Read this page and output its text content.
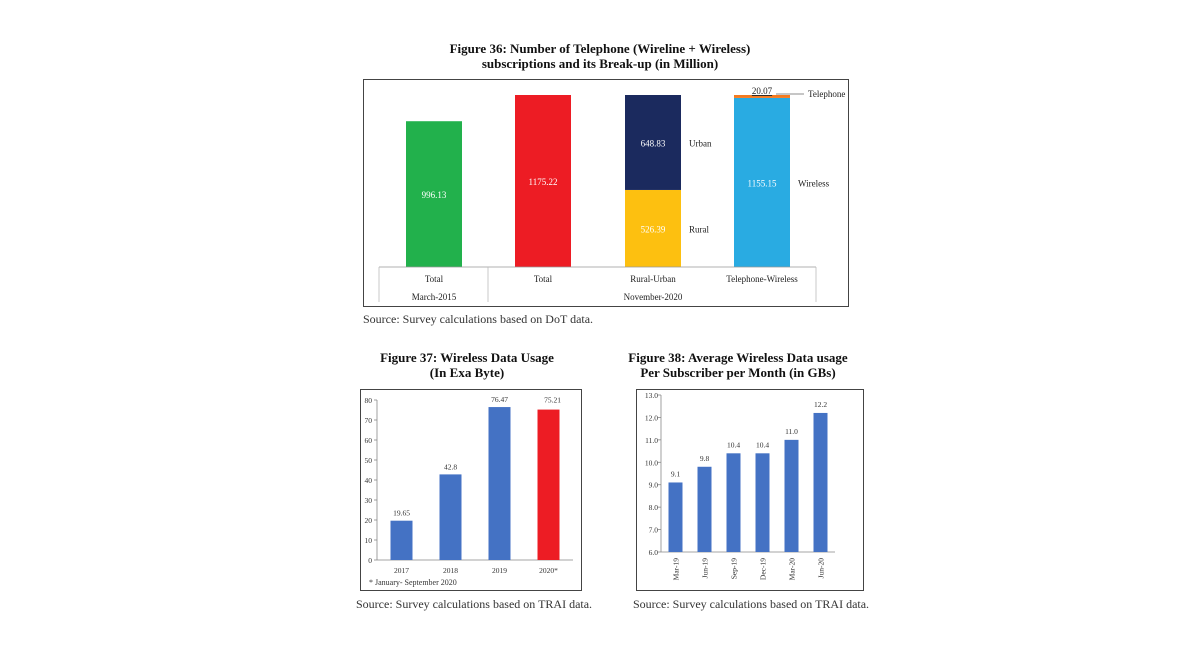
Figure 36: Number of Telephone (Wireline + Wireless)
subscriptions and its Break-up (in Million)
996.13
1175.22
526.39	Rural
648.83	Urban
1155.15 Wireless
20.07	Telephone
Total	Total	Rural-Urban	Telephone-Wireless
March-2015	November-2020
Source: Survey calculations based on DoT data.
Figure 37: Wireless Data Usage
(In Exa Byte)
0
10
20
30
40
50
60
70
80
19.65
2017
42.8
2018
76.47
2019
75.21
2020*
* January- September 2020
Source: Survey calculations based on TRAI data.
Figure 38: Average Wireless Data usage
Per Subscriber per Month (in GBs)
6.0
7.0
8.0
9.0
10.0
11.0
12.0
13.0
9.1
Mar-19
9.8
Jun-19
10.4
Sep-19
10.4
Dec-19
11.0
Mar-20
12.2
Jun-20
Source: Survey calculations based on TRAI data.
